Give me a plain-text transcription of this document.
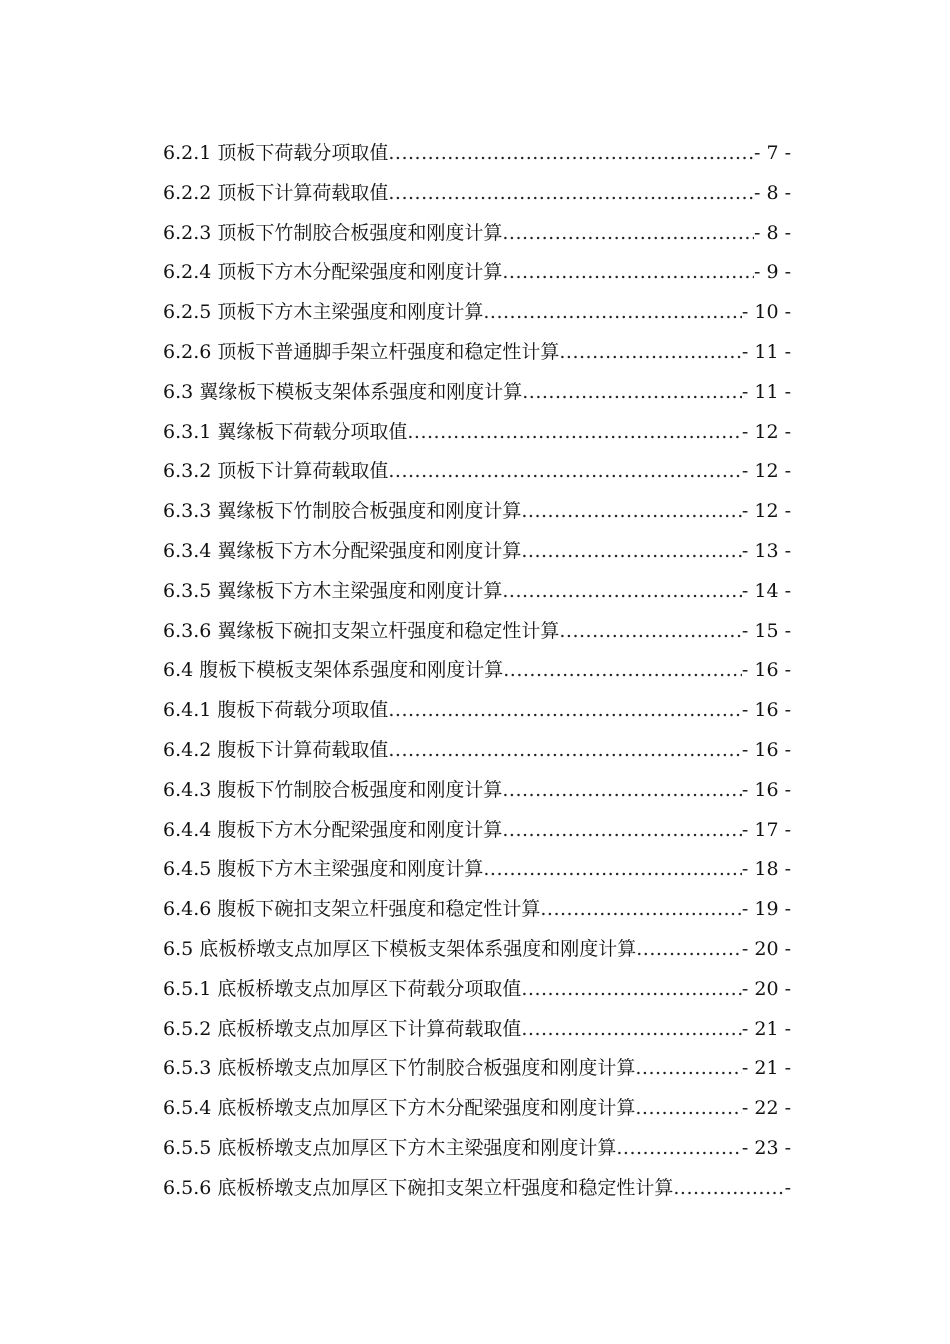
6.2.1 顶板下荷载分项取值 .....	- 7 -
6.2.2 顶板下计算荷载取值 .....	- 8 -
6.2.3 顶板下竹制胶合板强度和刚度计算 .....	- 8 -
6.2.4 顶板下方木分配梁强度和刚度计算 .....	- 9 -
6.2.5 顶板下方木主梁强度和刚度计算 .....	- 10 -
6.2.6 顶板下普通脚手架立杆强度和稳定性计算 .....	- 11 -
6.3 翼缘板下模板支架体系强度和刚度计算 .....	- 11 -
6.3.1 翼缘板下荷载分项取值 .....	- 12 -
6.3.2 顶板下计算荷载取值 .....	- 12 -
6.3.3 翼缘板下竹制胶合板强度和刚度计算 .....	- 12 -
6.3.4 翼缘板下方木分配梁强度和刚度计算 .....	- 13 -
6.3.5 翼缘板下方木主梁强度和刚度计算 .....	- 14 -
6.3.6 翼缘板下碗扣支架立杆强度和稳定性计算 .....	- 15 -
6.4 腹板下模板支架体系强度和刚度计算 .....	- 16 -
6.4.1 腹板下荷载分项取值 .....	- 16 -
6.4.2 腹板下计算荷载取值 .....	- 16 -
6.4.3 腹板下竹制胶合板强度和刚度计算 .....	- 16 -
6.4.4 腹板下方木分配梁强度和刚度计算 .....	- 17 -
6.4.5 腹板下方木主梁强度和刚度计算 .....	- 18 -
6.4.6 腹板下碗扣支架立杆强度和稳定性计算 .....	- 19 -
6.5 底板桥墩支点加厚区下模板支架体系强度和刚度计算 .....	- 20 -
6.5.1 底板桥墩支点加厚区下荷载分项取值 .....	- 20 -
6.5.2 底板桥墩支点加厚区下计算荷载取值 .....	- 21 -
6.5.3 底板桥墩支点加厚区下竹制胶合板强度和刚度计算 .....	- 21 -
6.5.4 底板桥墩支点加厚区下方木分配梁强度和刚度计算 .....	- 22 -
6.5.5 底板桥墩支点加厚区下方木主梁强度和刚度计算 .....	- 23 -
6.5.6 底板桥墩支点加厚区下碗扣支架立杆强度和稳定性计算 .....	-
